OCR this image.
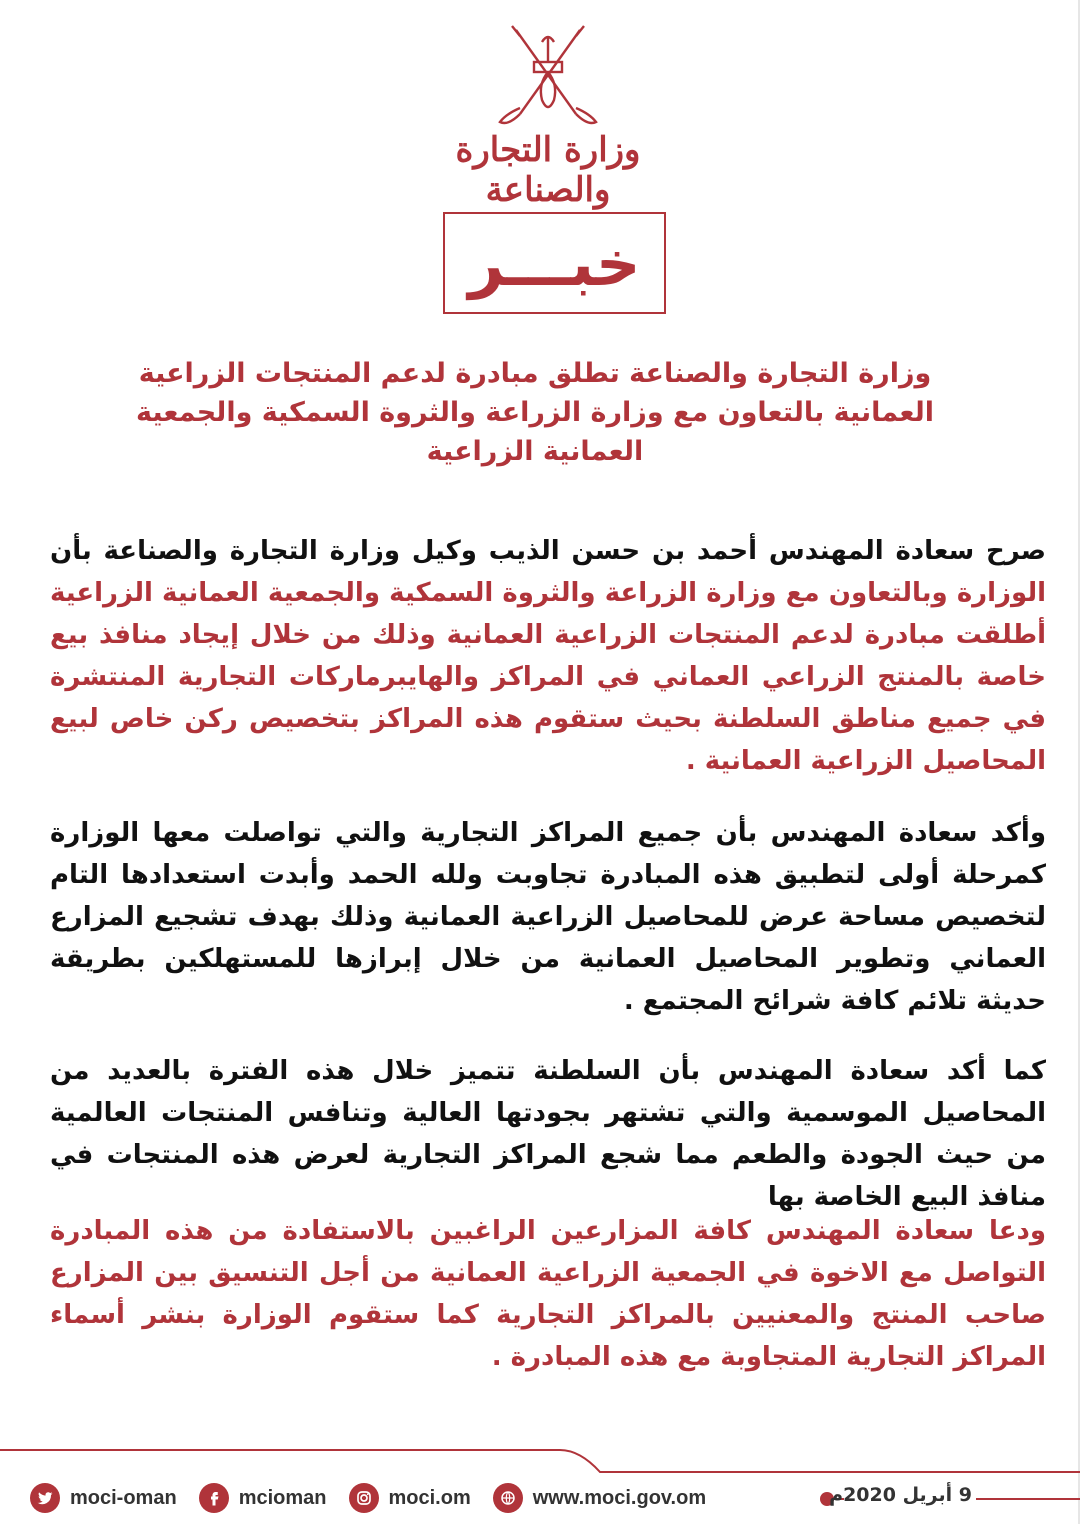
وزارة التجارة والصناعة
خبـــر
وزارة التجارة والصناعة تطلق مبادرة لدعم المنتجات الزراعية العمانية بالتعاون مع وزارة الزراعة والثروة السمكية والجمعية العمانية الزراعية
صرح سعادة المهندس أحمد بن حسن الذيب وكيل وزارة التجارة والصناعة بأن الوزارة وبالتعاون مع وزارة الزراعة والثروة السمكية والجمعية العمانية الزراعية أطلقت مبادرة لدعم المنتجات الزراعية العمانية وذلك من خلال إيجاد منافذ بيع خاصة بالمنتج الزراعي العماني في المراكز والهايبرماركات التجارية المنتشرة في جميع مناطق السلطنة بحيث ستقوم هذه المراكز بتخصيص ركن خاص لبيع المحاصيل الزراعية العمانية .
وأكد سعادة المهندس بأن جميع المراكز التجارية والتي تواصلت معها الوزارة كمرحلة أولى لتطبيق هذه المبادرة تجاوبت ولله الحمد وأبدت استعدادها التام لتخصيص مساحة عرض للمحاصيل الزراعية العمانية وذلك بهدف تشجيع المزارع العماني وتطوير المحاصيل العمانية من خلال إبرازها للمستهلكين بطريقة حديثة تلائم كافة شرائح المجتمع .
كما أكد سعادة المهندس بأن السلطنة تتميز خلال هذه الفترة بالعديد من المحاصيل الموسمية والتي تشتهر بجودتها العالية وتنافس المنتجات العالمية من حيث الجودة والطعم مما شجع المراكز التجارية لعرض هذه المنتجات في منافذ البيع الخاصة بها
ودعا سعادة المهندس كافة المزارعين الراغبين بالاستفادة من هذه المبادرة التواصل مع الاخوة في الجمعية الزراعية العمانية من أجل التنسيق بين المزارع صاحب المنتج والمعنيين بالمراكز التجارية كما ستقوم الوزارة بنشر أسماء المراكز التجارية المتجاوبة مع هذه المبادرة .
moci-oman	mcioman	moci.om	www.moci.gov.om	9 أبريل 2020م
